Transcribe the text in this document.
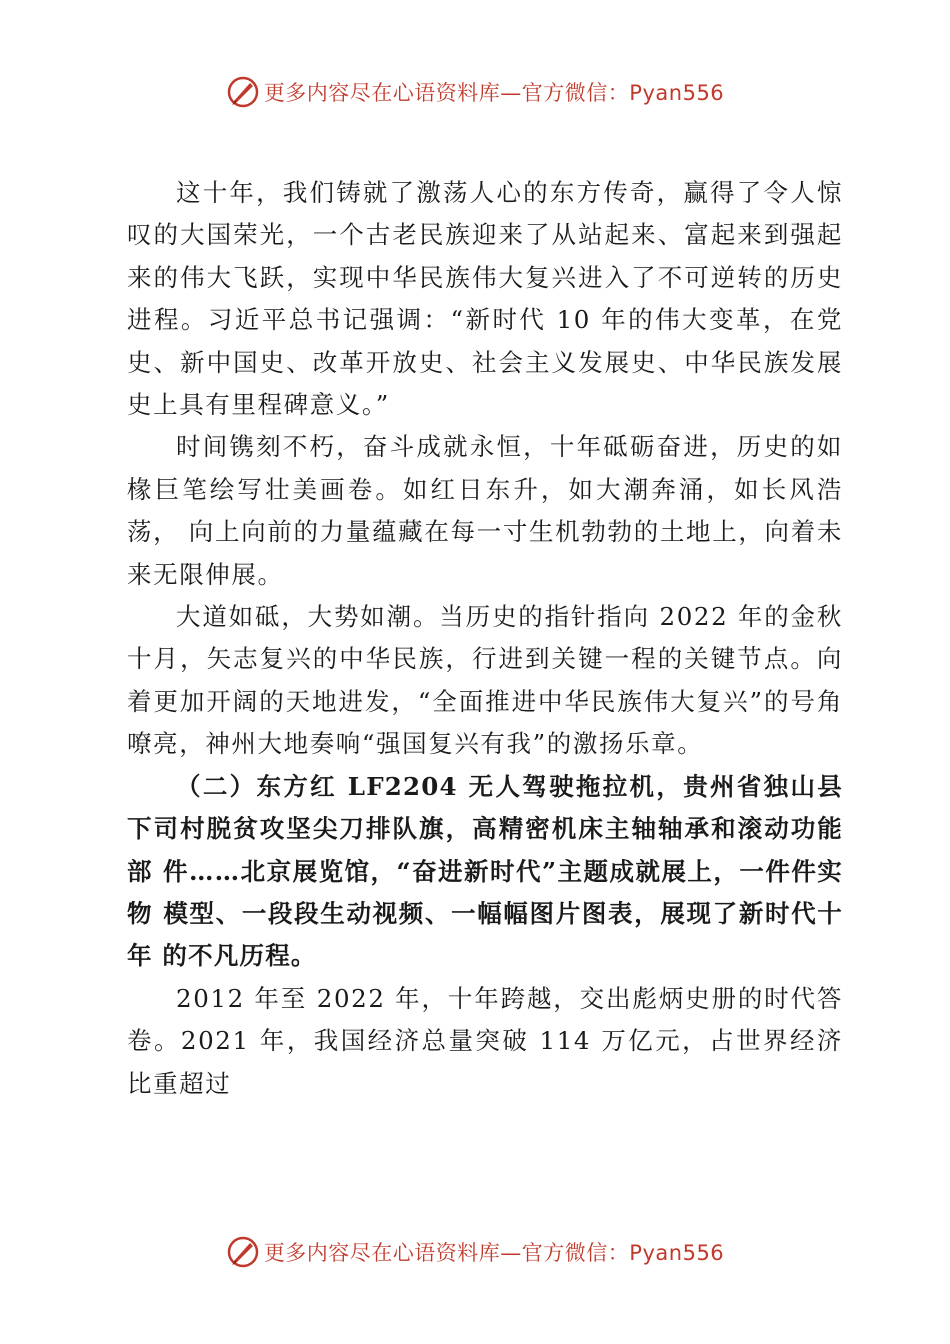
更多内容尽在心语资料库—官方微信：Pyan556

这十年，我们铸就了激荡人心的东方传奇，赢得了令人惊叹的大国荣光，一个古老民族迎来了从站起来、富起来到强起来的伟大飞跃，实现中华民族伟大复兴进入了不可逆转的历史进程。习近平总书记强调：“新时代 10 年的伟大变革，在党史、新中国史、改革开放史、社会主义发展史、中华民族发展史上具有里程碑意义。”

时间镌刻不朽，奋斗成就永恒，十年砥砺奋进，历史的如椽巨笔绘写壮美画卷。如红日东升，如大潮奔涌，如长风浩荡， 向上向前的力量蕴藏在每一寸生机勃勃的土地上，向着未来无限伸展。

大道如砥，大势如潮。当历史的指针指向 2022 年的金秋十月，矢志复兴的中华民族，行进到关键一程的关键节点。向 着更加开阔的天地进发，“全面推进中华民族伟大复兴”的号角 嘹亮，神州大地奏响“强国复兴有我”的激扬乐章。

（二）东方红 LF2204 无人驾驶拖拉机，贵州省独山县下司村脱贫攻坚尖刀排队旗，高精密机床主轴轴承和滚动功能部 件……北京展览馆，“奋进新时代”主题成就展上，一件件实物 模型、一段段生动视频、一幅幅图片图表，展现了新时代十年 的不凡历程。

2012 年至 2022 年，十年跨越，交出彪炳史册的时代答卷。2021 年，我国经济总量突破 114 万亿元，占世界经济比重超过

更多内容尽在心语资料库—官方微信：Pyan556
